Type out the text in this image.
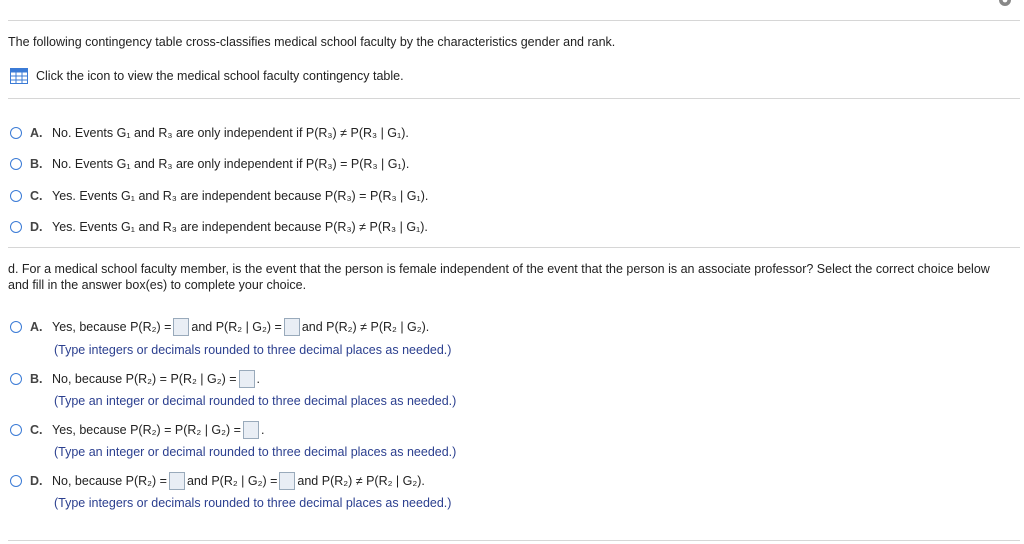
The following contingency table cross-classifies medical school faculty by the characteristics gender and rank.
Click the icon to view the medical school faculty contingency table.
A. No. Events G₁ and R₃ are only independent if P(R₃) ≠ P(R₃ | G₁).
B. No. Events G₁ and R₃ are only independent if P(R₃) = P(R₃ | G₁).
C. Yes. Events G₁ and R₃ are independent because P(R₃) = P(R₃ | G₁).
D. Yes. Events G₁ and R₃ are independent because P(R₃) ≠ P(R₃ | G₁).
d. For a medical school faculty member, is the event that the person is female independent of the event that the person is an associate professor? Select the correct choice below and fill in the answer box(es) to complete your choice.
A. Yes, because P(R₂) = and P(R₂ | G₂) = and P(R₂) ≠ P(R₂ | G₂).
(Type integers or decimals rounded to three decimal places as needed.)
B. No, because P(R₂) = P(R₂ | G₂) = .
(Type an integer or decimal rounded to three decimal places as needed.)
C. Yes, because P(R₂) = P(R₂ | G₂) = .
(Type an integer or decimal rounded to three decimal places as needed.)
D. No, because P(R₂) = and P(R₂ | G₂) = and P(R₂) ≠ P(R₂ | G₂).
(Type integers or decimals rounded to three decimal places as needed.)
